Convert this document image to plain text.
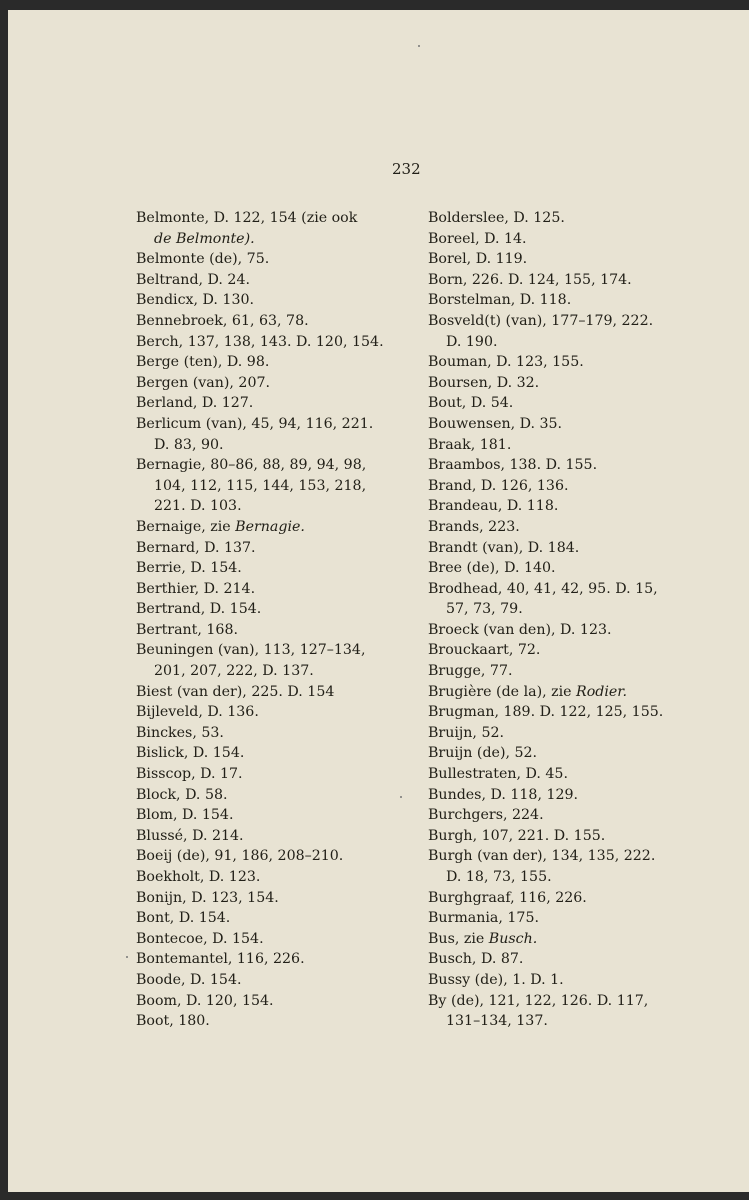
232
Belmonte, D. 122, 154 (zie ook
de Belmonte).
Belmonte (de), 75.
Beltrand, D. 24.
Bendicx, D. 130.
Bennebroek, 61, 63, 78.
Berch, 137, 138, 143. D. 120, 154.
Berge (ten), D. 98.
Bergen (van), 207.
Berland, D. 127.
Berlicum (van), 45, 94, 116, 221.
D. 83, 90.
Bernagie, 80–86, 88, 89, 94, 98,
104, 112, 115, 144, 153, 218,
221. D. 103.
Bernaige, zie Bernagie.
Bernard, D. 137.
Berrie, D. 154.
Berthier, D. 214.
Bertrand, D. 154.
Bertrant, 168.
Beuningen (van), 113, 127–134,
201, 207, 222, D. 137.
Biest (van der), 225. D. 154
Bijleveld, D. 136.
Binckes, 53.
Bislick, D. 154.
Bisscop, D. 17.
Block, D. 58.
Blom, D. 154.
Blussé, D. 214.
Boeij (de), 91, 186, 208–210.
Boekholt, D. 123.
Bonijn, D. 123, 154.
Bont, D. 154.
Bontecoe, D. 154.
Bontemantel, 116, 226.
Boode, D. 154.
Boom, D. 120, 154.
Boot, 180.
Bolderslee, D. 125.
Boreel, D. 14.
Borel, D. 119.
Born, 226. D. 124, 155, 174.
Borstelman, D. 118.
Bosveld(t) (van), 177–179, 222.
D. 190.
Bouman, D. 123, 155.
Boursen, D. 32.
Bout, D. 54.
Bouwensen, D. 35.
Braak, 181.
Braambos, 138. D. 155.
Brand, D. 126, 136.
Brandeau, D. 118.
Brands, 223.
Brandt (van), D. 184.
Bree (de), D. 140.
Brodhead, 40, 41, 42, 95. D. 15,
57, 73, 79.
Broeck (van den), D. 123.
Brouckaart, 72.
Brugge, 77.
Brugière (de la), zie Rodier.
Brugman, 189. D. 122, 125, 155.
Bruijn, 52.
Bruijn (de), 52.
Bullestraten, D. 45.
Bundes, D. 118, 129.
Burchgers, 224.
Burgh, 107, 221. D. 155.
Burgh (van der), 134, 135, 222.
D. 18, 73, 155.
Burghgraaf, 116, 226.
Burmania, 175.
Bus, zie Busch.
Busch, D. 87.
Bussy (de), 1. D. 1.
By (de), 121, 122, 126. D. 117,
131–134, 137.
